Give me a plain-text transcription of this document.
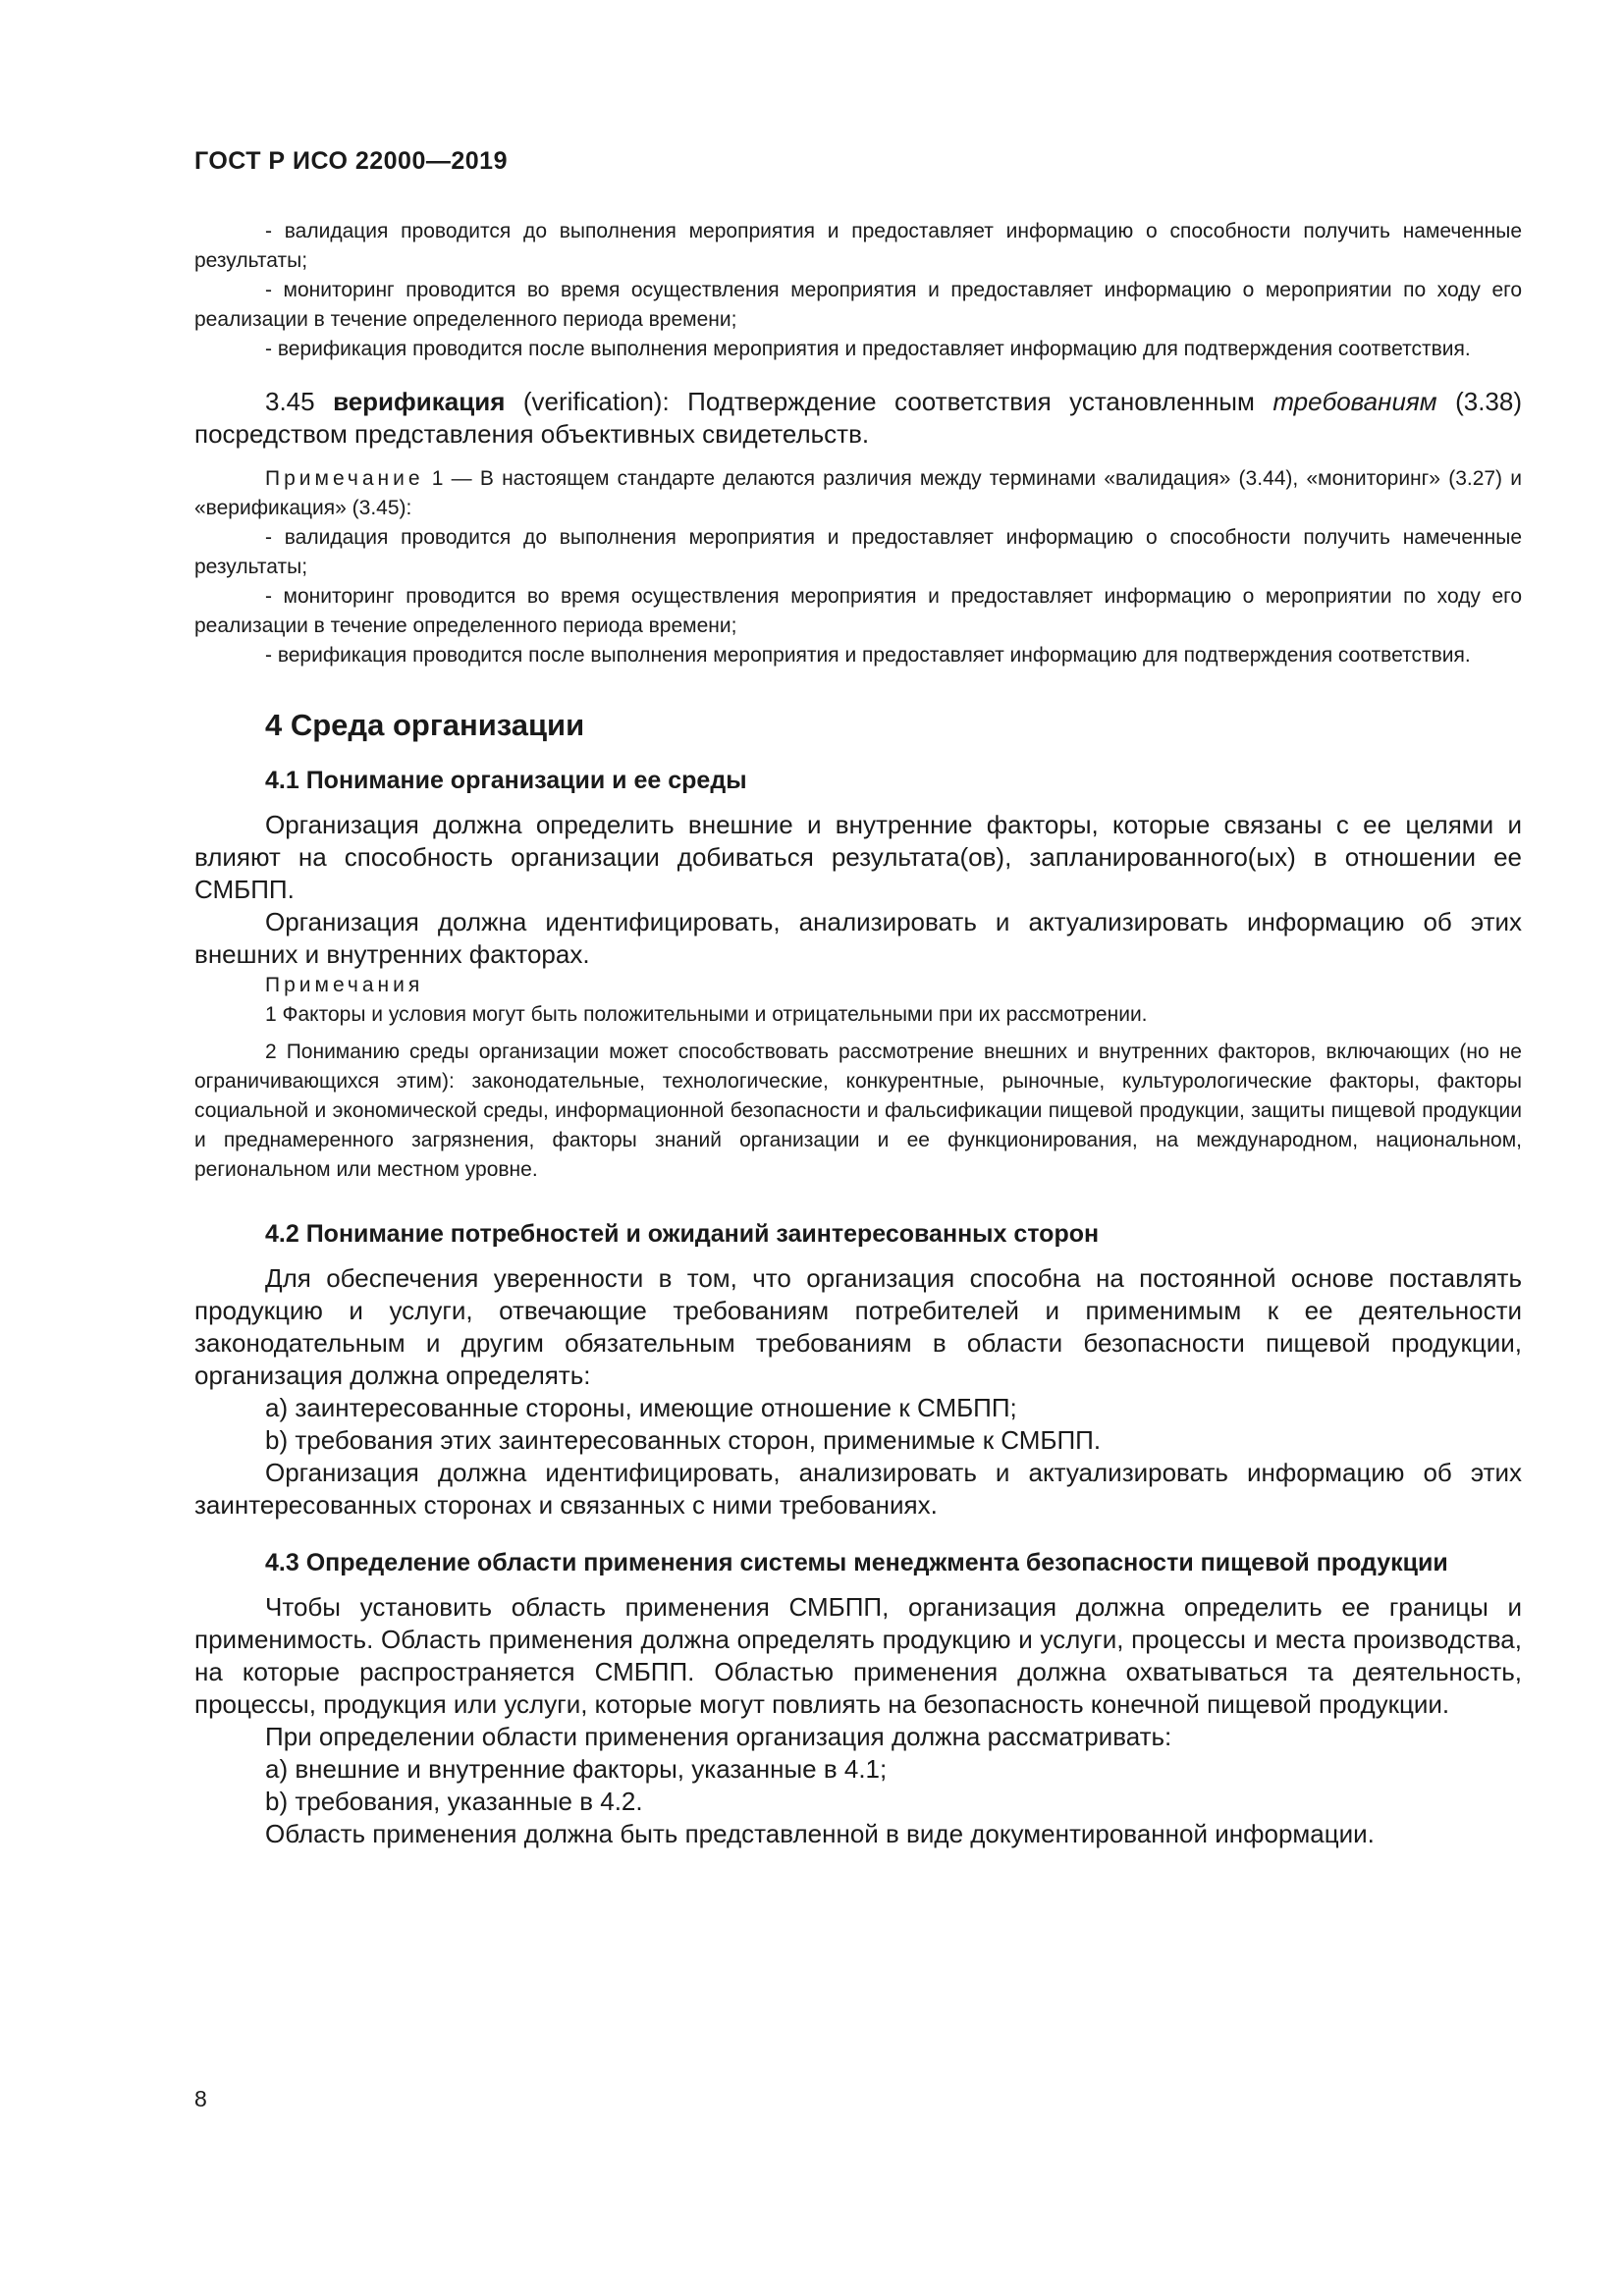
ГОСТ Р ИСО 22000—2019

- валидация проводится до выполнения мероприятия и предоставляет информацию о способности получить намеченные результаты;

- мониторинг проводится во время осуществления мероприятия и предоставляет информацию о мероприятии по ходу его реализации в течение определенного периода времени;

- верификация проводится после выполнения мероприятия и предоставляет информацию для подтверждения соответствия.

3.45 верификация (verification): Подтверждение соответствия установленным требованиям (3.38) посредством представления объективных свидетельств.

Примечание 1 — В настоящем стандарте делаются различия между терминами «валидация» (3.44), «мониторинг» (3.27) и «верификация» (3.45):

- валидация проводится до выполнения мероприятия и предоставляет информацию о способности получить намеченные результаты;

- мониторинг проводится во время осуществления мероприятия и предоставляет информацию о мероприятии по ходу его реализации в течение определенного периода времени;

- верификация проводится после выполнения мероприятия и предоставляет информацию для подтверждения соответствия.

4 Среда организации
4.1 Понимание организации и ее среды

Организация должна определить внешние и внутренние факторы, которые связаны с ее целями и влияют на способность организации добиваться результата(ов), запланированного(ых) в отношении ее СМБПП.

Организация должна идентифицировать, анализировать и актуализировать информацию об этих внешних и внутренних факторах.

Примечания

1 Факторы и условия могут быть положительными и отрицательными при их рассмотрении.

2 Пониманию среды организации может способствовать рассмотрение внешних и внутренних факторов, включающих (но не ограничивающихся этим): законодательные, технологические, конкурентные, рыночные, культурологические факторы, факторы социальной и экономической среды, информационной безопасности и фальсификации пищевой продукции, защиты пищевой продукции и преднамеренного загрязнения, факторы знаний организации и ее функционирования, на международном, национальном, региональном или местном уровне.

4.2 Понимание потребностей и ожиданий заинтересованных сторон

Для обеспечения уверенности в том, что организация способна на постоянной основе поставлять продукцию и услуги, отвечающие требованиям потребителей и применимым к ее деятельности законодательным и другим обязательным требованиям в области безопасности пищевой продукции, организация должна определять:

a) заинтересованные стороны, имеющие отношение к СМБПП;

b) требования этих заинтересованных сторон, применимые к СМБПП.

Организация должна идентифицировать, анализировать и актуализировать информацию об этих заинтересованных сторонах и связанных с ними требованиях.

4.3 Определение области применения системы менеджмента безопасности пищевой продукции

Чтобы установить область применения СМБПП, организация должна определить ее границы и применимость. Область применения должна определять продукцию и услуги, процессы и места производства, на которые распространяется СМБПП. Областью применения должна охватываться та деятельность, процессы, продукция или услуги, которые могут повлиять на безопасность конечной пищевой продукции.

При определении области применения организация должна рассматривать:

a) внешние и внутренние факторы, указанные в 4.1;

b) требования, указанные в 4.2.

Область применения должна быть представленной в виде документированной информации.

8
